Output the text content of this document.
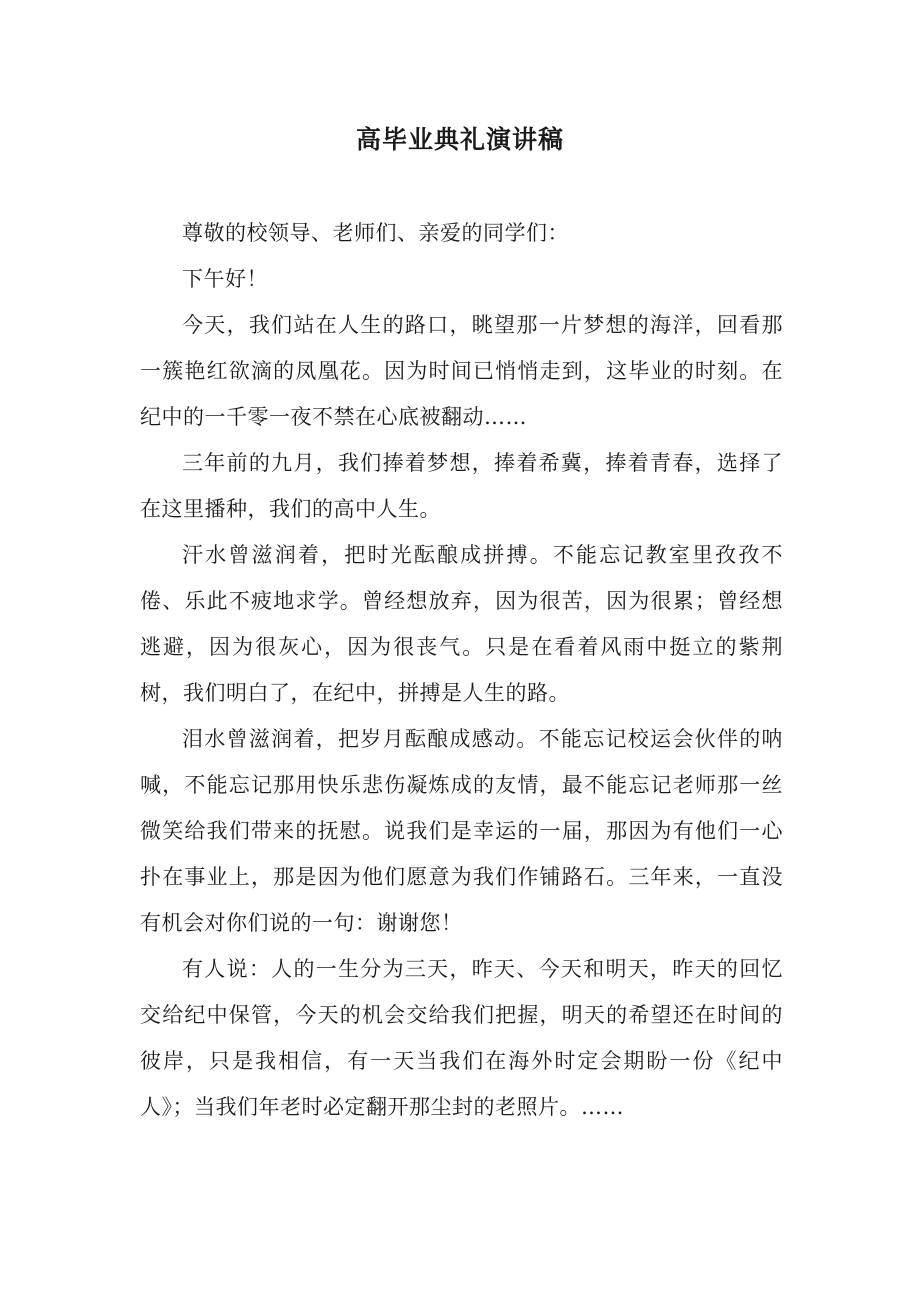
高毕业典礼演讲稿

尊敬的校领导、老师们、亲爱的同学们：

下午好！

今天，我们站在人生的路口，眺望那一片梦想的海洋，回看那一簇艳红欲滴的凤凰花。因为时间已悄悄走到，这毕业的时刻。在纪中的一千零一夜不禁在心底被翻动……

三年前的九月，我们捧着梦想，捧着希冀，捧着青春，选择了在这里播种，我们的高中人生。

汗水曾滋润着，把时光酝酿成拼搏。不能忘记教室里孜孜不倦、乐此不疲地求学。曾经想放弃，因为很苦，因为很累；曾经想逃避，因为很灰心，因为很丧气。只是在看着风雨中挺立的紫荆树，我们明白了，在纪中，拼搏是人生的路。

泪水曾滋润着，把岁月酝酿成感动。不能忘记校运会伙伴的呐喊，不能忘记那用快乐悲伤凝炼成的友情，最不能忘记老师那一丝微笑给我们带来的抚慰。说我们是幸运的一届，那因为有他们一心扑在事业上，那是因为他们愿意为我们作铺路石。三年来，一直没有机会对你们说的一句：谢谢您！

有人说：人的一生分为三天，昨天、今天和明天，昨天的回忆交给纪中保管，今天的机会交给我们把握，明天的希望还在时间的彼岸，只是我相信，有一天当我们在海外时定会期盼一份《纪中人》；当我们年老时必定翻开那尘封的老照片。……
